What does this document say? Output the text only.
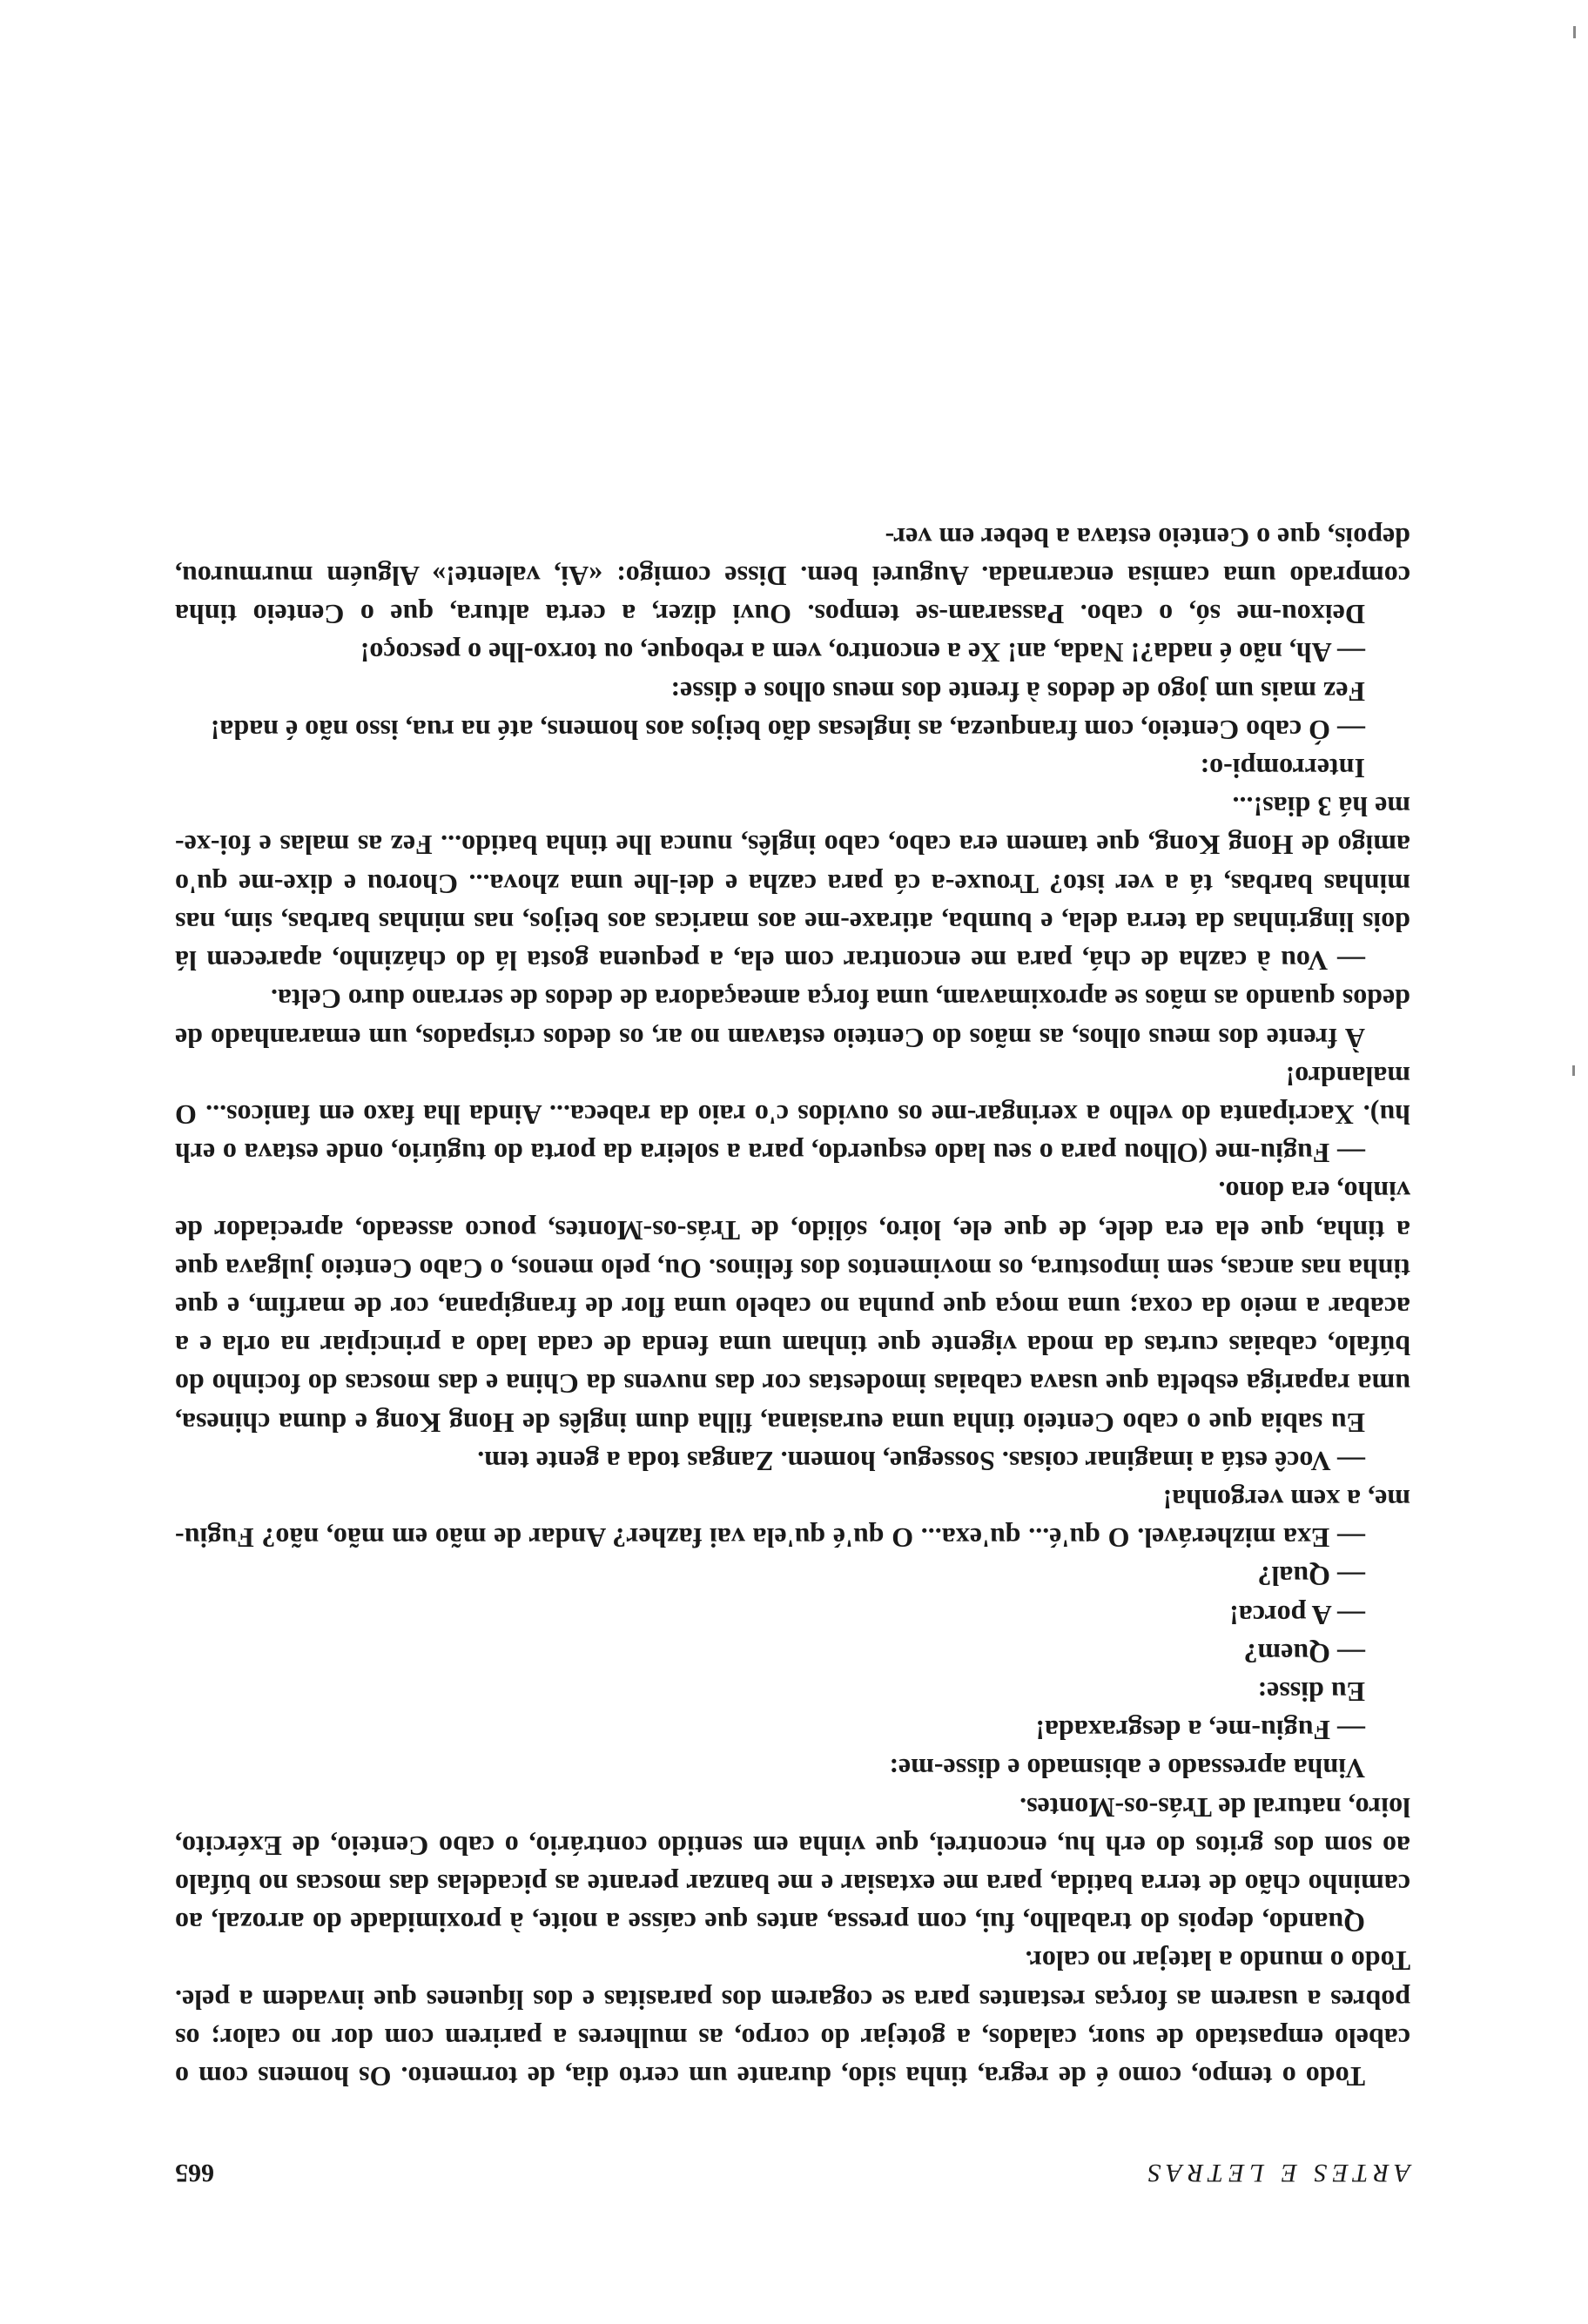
ARTES E LETRAS
665

Todo o tempo, como é de regra, tinha sido, durante um certo dia, de tormento. Os homens com o cabelo empastado de suor, calados, a gotejar do corpo, as mulheres a parirem com dor no calor; os pobres a usarem as forças restantes para se cogarem dos parasitas e dos líquenes que invadem a pele. Todo o mundo a latejar no calor.

Quando, depois do trabalho, fui, com pressa, antes que caísse a noite, à proximidade do arrozal, ao caminho chão de terra batida, para me extasiar e me banzar perante as picadelas das moscas no búfalo ao som dos gritos do erh hu, encontrei, que vinha em sentido contrário, o cabo Centeio, de Exército, loiro, natural de Trás-os-Montes.

Vinha apressado e abismado e disse-me:

— Fugiu-me, a desgraxada!

Eu disse:

— Quem?

— A porca!

— Qual?

— Exa mizherável. O qu'é... qu'exa... O qu'é qu'ela vai fazher? Andar de mão em mão, não? Fugiu-me, a xem vergonha!

— Você está a imaginar coisas. Sossegue, homem. Zangas toda a gente tem.

Eu sabia que o cabo Centeio tinha uma eurasiana, filha dum inglês de Hong Kong e duma chinesa, uma rapariga esbelta que usava cabaias imodestas cor das nuvens da China e das moscas do focinho do búfalo, cabaias curtas da moda vigente que tinham uma fenda de cada lado a principiar na orla e a acabar a meio da coxa; uma moça que punha no cabelo uma flor de frangipana, cor de marfim, e que tinha nas ancas, sem impostura, os movimentos dos felinos. Ou, pelo menos, o Cabo Centeio julgava que a tinha, que ela era dele, de que ele, loiro, sólido, de Trás-os-Montes, pouco asseado, apreciador de vinho, era dono.

— Fugiu-me (Olhou para o seu lado esquerdo, para a soleira da porta do tugúrio, onde estava o erh hu). Xacripanta do velho a xeringar-me os ouvidos c'o raio da rabeca... Ainda lha faxo em fanicos... O malandro!

À frente dos meus olhos, as mãos do Centeio estavam no ar, os dedos crispados, um emaranhado de dedos quando as mãos se aproximavam, uma força ameaçadora de dedos de serrano duro Celta.

— Vou à cazha de chá, para me encontrar com ela, a pequena gosta lá do cházinho, aparecem lá dois lingrinhas da terra dela, e bumba, atiraxe-me aos maricas aos beijos, nas minhas barbas, sim, nas minhas barbas, tá a ver isto? Trouxe-a cá para cazha e dei-lhe uma zhova... Chorou e dixe-me qu'o amigo de Hong Kong, que tamem era cabo, cabo inglês, nunca lhe tinha batido... Fez as malas e foi-xe-me há 3 dias!...

Interrompi-o:

— Ó cabo Centeio, com franqueza, as inglesas dão beijos aos homens, até na rua, isso não é nada!

Fez mais um jogo de dedos à frente dos meus olhos e disse:

— Ah, não é nada?! Nada, an! Xe a encontro, vem a reboque, ou torxo-lhe o pescoço!

Deixou-me só, o cabo. Passaram-se tempos. Ouvi dizer, a certa altura, que o Centeio tinha comprado uma camisa encarnada. Augurei bem. Disse comigo: «Ai, valente!» Alguém murmurou, depois, que o Centeio estava a beber em ver-
